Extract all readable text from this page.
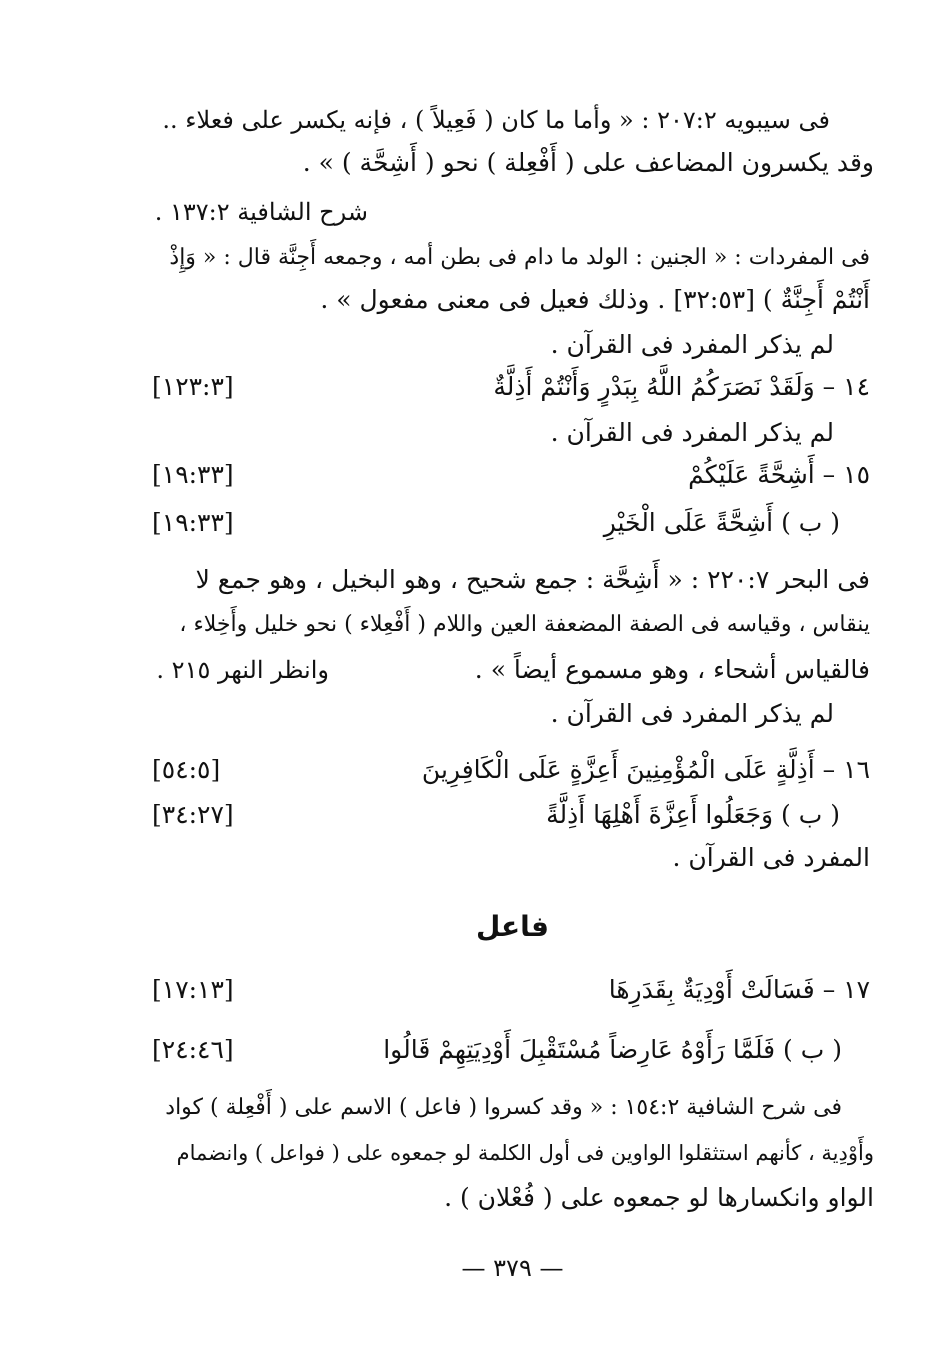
فى سيبويه ٢٠٧:٢ : « وأما ما كان ( فَعِيلاً ) ، فإنه يكسر على فعلاء ..
وقد يكسرون المضاعف على ( أَفْعِلة ) نحو ( أَشِحَّة ) » .
شرح الشافية ١٣٧:٢ .
فى المفردات : « الجنين : الولد ما دام فى بطن أمه ، وجمعه أَجِنَّة قال : « وَإِذْ
أَنْتُمْ أَجِنَّةٌ ) [٣٢:٥٣] . وذلك فعيل فى معنى مفعول » .
لم يذكر المفرد فى القرآن .
١٤ – وَلَقَدْ نَصَرَكُمُ اللَّهُ بِبَدْرٍ وَأَنْتُمْ أَذِلَّةٌ
لم يذكر المفرد فى القرآن .
١٥ – أَشِحَّةً عَلَيْكُمْ
( ب ) أَشِحَّةً عَلَى الْخَيْرِ
فى البحر ٢٢٠:٧ : « أَشِحَّة : جمع شحيح ، وهو البخيل ، وهو جمع لا
ينقاس ، وقياسه فى الصفة المضعفة العين واللام ( أَفْعِلاء ) نحو خليل وأَخِلاء ،
فالقياس أشحاء ، وهو مسموع أيضاً » .
وانظر النهر ٢١٥ .
لم يذكر المفرد فى القرآن .
١٦ – أَذِلَّةٍ عَلَى الْمُؤْمِنِينَ أَعِزَّةٍ عَلَى الْكَافِرِينَ
( ب ) وَجَعَلُوا أَعِزَّةَ أَهْلِهَا أَذِلَّةً
المفرد فى القرآن .
١٧ – فَسَالَتْ أَوْدِيَةٌ بِقَدَرِهَا
( ب ) فَلَمَّا رَأَوْهُ عَارِضاً مُسْتَقْبِلَ أَوْدِيَتِهِمْ قَالُوا
فى شرح الشافية ١٥٤:٢ : « وقد كسروا ( فاعل ) الاسم على ( أَفْعِلة ) كواد
وأَوْدِية ، كأنهم استثقلوا الواوين فى أول الكلمة لو جمعوه على ( فواعل ) وانضمام
الواو وانكسارها لو جمعوه على ( فُعْلان ) .
[١٢٣:٣]
[١٩:٣٣]
[١٩:٣٣]
[٥٤:٥]
[٣٤:٢٧]
[١٧:١٣]
[٢٤:٤٦]
فاعل
— ٣٧٩ —
